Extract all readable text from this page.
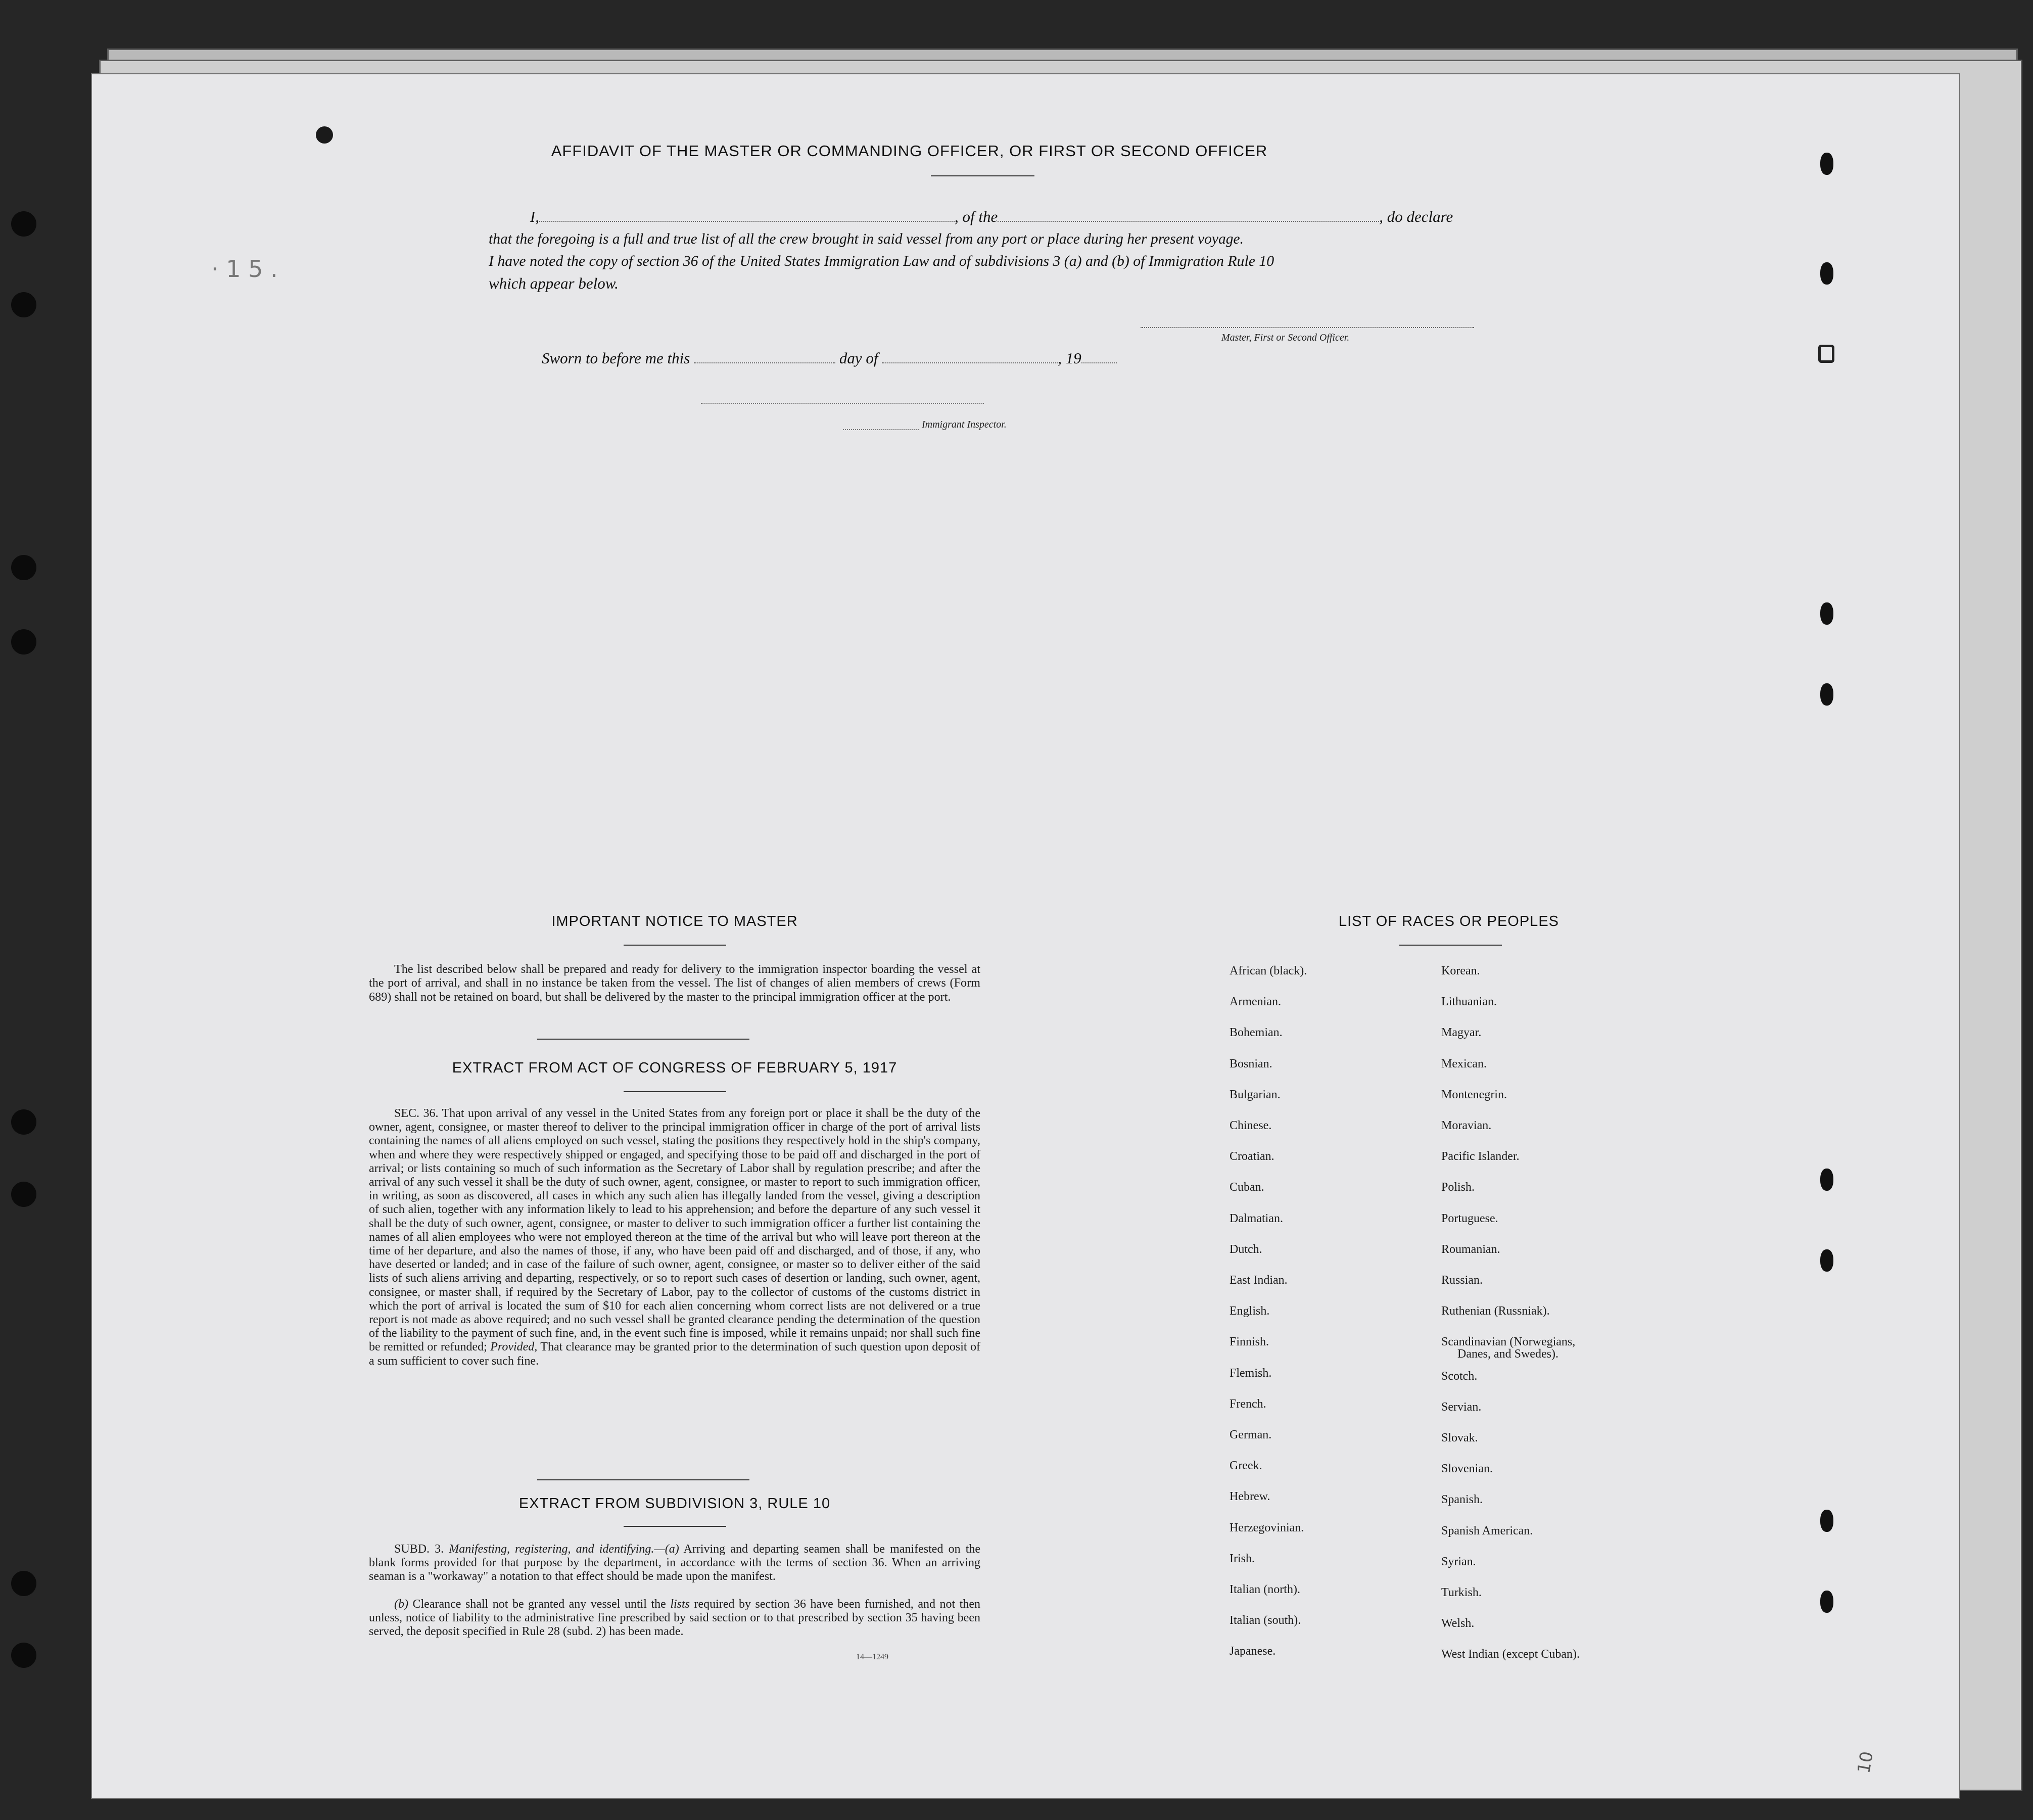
· 1 5 .
10
AFFIDAVIT OF THE MASTER OR COMMANDING OFFICER, OR FIRST OR SECOND OFFICER
I,	, of the	, do declare
that the foregoing is a full and true list of all the crew brought in said vessel from any port or place during her present voyage.
I have noted the copy of section 36 of the United States Immigration Law and of subdivisions 3 (a) and (b) of Immigration Rule 10
which appear below.
Master, First or Second Officer.
Sworn to before me this	day of	, 19
Immigrant Inspector.
IMPORTANT NOTICE TO MASTER
The list described below shall be prepared and ready for delivery to the immigration inspector boarding the vessel at the port of arrival, and shall in no instance be taken from the vessel. The list of changes of alien members of crews (Form 689) shall not be retained on board, but shall be delivered by the master to the principal immigration officer at the port.
EXTRACT FROM ACT OF CONGRESS OF FEBRUARY 5, 1917
SEC. 36. That upon arrival of any vessel in the United States from any foreign port or place it shall be the duty of the owner, agent, consignee, or master thereof to deliver to the principal immigration officer in charge of the port of arrival lists containing the names of all aliens employed on such vessel, stating the positions they respectively hold in the ship's company, when and where they were respectively shipped or engaged, and specifying those to be paid off and discharged in the port of arrival; or lists containing so much of such information as the Secretary of Labor shall by regulation prescribe; and after the arrival of any such vessel it shall be the duty of such owner, agent, consignee, or master to report to such immigration officer, in writing, as soon as discovered, all cases in which any such alien has illegally landed from the vessel, giving a description of such alien, together with any information likely to lead to his apprehension; and before the departure of any such vessel it shall be the duty of such owner, agent, consignee, or master to deliver to such immigration officer a further list containing the names of all alien employees who were not employed thereon at the time of the arrival but who will leave port thereon at the time of her departure, and also the names of those, if any, who have been paid off and discharged, and of those, if any, who have deserted or landed; and in case of the failure of such owner, agent, consignee, or master so to deliver either of the said lists of such aliens arriving and departing, respectively, or so to report such cases of desertion or landing, such owner, agent, consignee, or master shall, if required by the Secretary of Labor, pay to the collector of customs of the customs district in which the port of arrival is located the sum of $10 for each alien concerning whom correct lists are not delivered or a true report is not made as above required; and no such vessel shall be granted clearance pending the determination of the question of the liability to the payment of such fine, and, in the event such fine is imposed, while it remains unpaid; nor shall such fine be remitted or refunded; Provided, That clearance may be granted prior to the determination of such question upon deposit of a sum sufficient to cover such fine.
EXTRACT FROM SUBDIVISION 3, RULE 10
SUBD. 3. Manifesting, registering, and identifying.—(a) Arriving and departing seamen shall be manifested on the blank forms provided for that purpose by the department, in accordance with the terms of section 36. When an arriving seaman is a "workaway" a notation to that effect should be made upon the manifest.
(b) Clearance shall not be granted any vessel until the lists required by section 36 have been furnished, and not then unless, notice of liability to the administrative fine prescribed by said section or to that prescribed by section 35 having been served, the deposit specified in Rule 28 (subd. 2) has been made.
14—1249
LIST OF RACES OR PEOPLES
African (black).
Armenian.
Bohemian.
Bosnian.
Bulgarian.
Chinese.
Croatian.
Cuban.
Dalmatian.
Dutch.
East Indian.
English.
Finnish.
Flemish.
French.
German.
Greek.
Hebrew.
Herzegovinian.
Irish.
Italian (north).
Italian (south).
Japanese.
Korean.
Lithuanian.
Magyar.
Mexican.
Montenegrin.
Moravian.
Pacific Islander.
Polish.
Portuguese.
Roumanian.
Russian.
Ruthenian (Russniak).
Scandinavian (Norwegians,
Danes, and Swedes).
Scotch.
Servian.
Slovak.
Slovenian.
Spanish.
Spanish American.
Syrian.
Turkish.
Welsh.
West Indian (except Cuban).
